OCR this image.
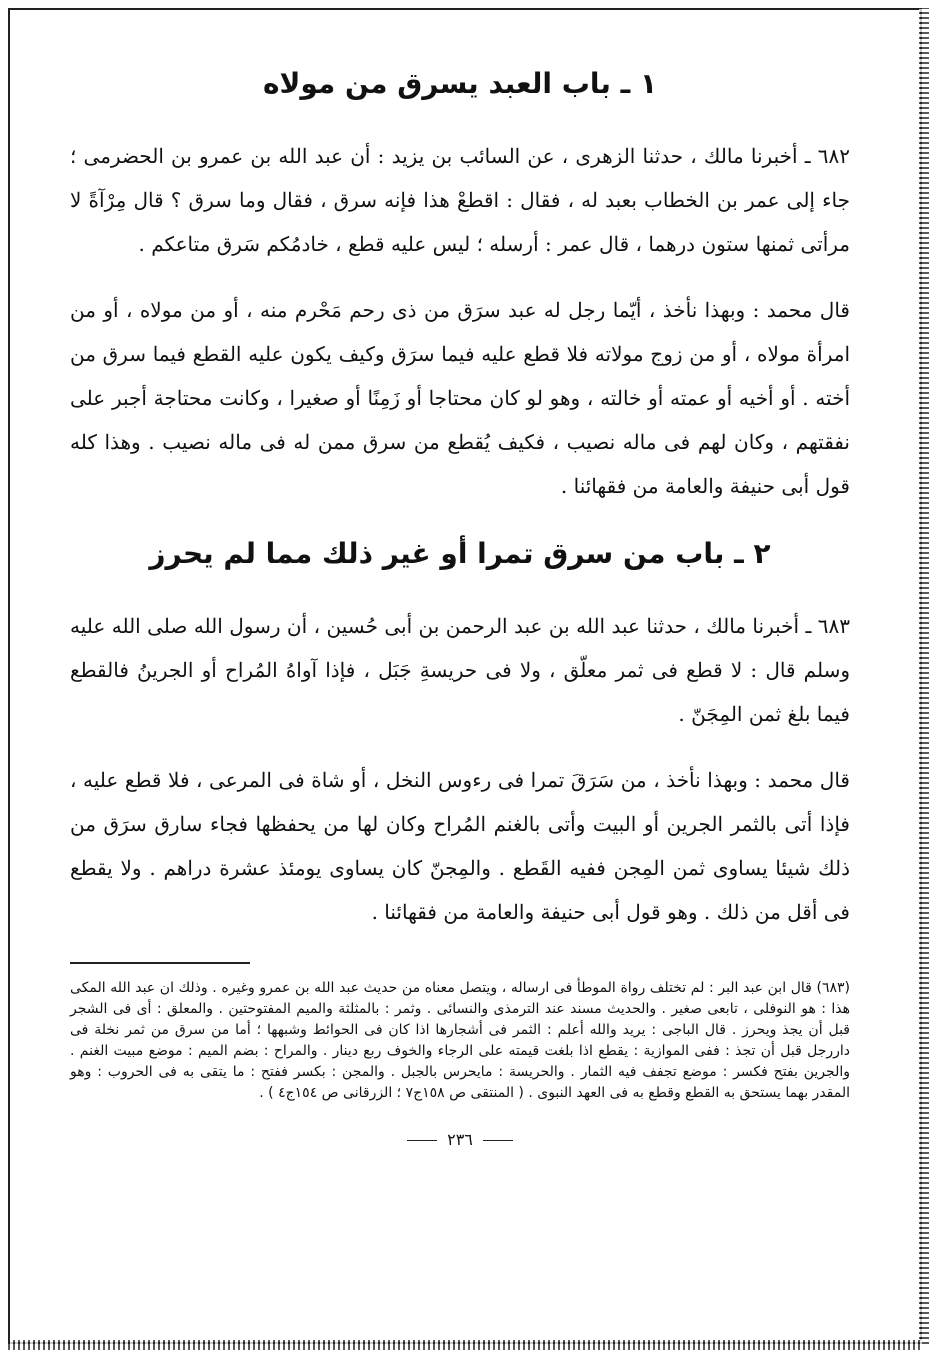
١ ـ باب العبد يسرق من مولاه

٦٨٢ ـ أخبرنا مالك ، حدثنا الزهرى ، عن السائب بن يزيد : أن عبد الله بن عمرو بن الحضرمى ؛ جاء إلى عمر بن الخطاب بعبد له ، فقال : اقطعْ هذا فإنه سرق ، فقال وما سرق ؟ قال مِرْآةً لا مرأتى ثمنها ستون درهما ، قال عمر : أرسله ؛ ليس عليه قطع ، خادمُكم سَرق متاعكم .

قال محمد : وبهذا نأخذ ، أيّما رجل له عبد سرَق من ذى رحم مَحْرم منه ، أو من مولاه ، أو من امرأة مولاه ، أو من زوج مولاته فلا قطع عليه فيما سرَق وكيف يكون عليه القطع فيما سرق من أخته . أو أخيه أو عمته أو خالته ، وهو لو كان محتاجا أو زَمِنًا أو صغيرا ، وكانت محتاجة أجبر على نفقتهم ، وكان لهم فى ماله نصيب ، فكيف يُقطع من سرق ممن له فى ماله نصيب . وهذا كله قول أبى حنيفة والعامة من فقهائنا .

٢ ـ باب من سرق تمرا أو غير ذلك مما لم يحرز

٦٨٣ ـ أخبرنا مالك ، حدثنا عبد الله بن عبد الرحمن بن أبى حُسين ، أن رسول الله صلى الله عليه وسلم قال : لا قطع فى ثمر معلّق ، ولا فى حريسةِ جَبَل ، فإذا آواهُ المُراح أو الجرينُ فالقطع فيما بلغ ثمن المِجَنّ .

قال محمد : وبهذا نأخذ ، من سَرَقَ تمرا فى رءوس النخل ، أو شاة فى المرعى ، فلا قطع عليه ، فإذا أتى بالثمر الجرين أو البيت وأتى بالغنم المُراح وكان لها من يحفظها فجاء سارق سرَق من ذلك شيئا يساوى ثمن المِجن ففيه القَطع . والمِجنّ كان يساوى يومئذ عشرة دراهم . ولا يقطع فى أقل من ذلك . وهو قول أبى حنيفة والعامة من فقهائنا .

(٦٨٣) قال ابن عبد البر : لم تختلف رواة الموطأ فى ارساله ، ويتصل معناه من حديث عبد الله بن عمرو وغيره . وذلك ان عبد الله المكى هذا : هو النوفلى ، تابعى صغير . والحديث مسند عند الترمذى والنسائى . وثمر : بالمثلثة والميم المفتوحتين . والمعلق : أى فى الشجر قبل أن يجذ ويحرز . قال الباجى : يريد والله أعلم : الثمر فى أشجارها اذا كان فى الحوائط وشبهها ؛ أما من سرق من ثمر نخلة فى داررجل قبل أن تجذ : ففى الموازية : يقطع اذا بلغت قيمته على الرجاء والخوف ربع دينار . والمراح : بضم الميم : موضع مبيت الغنم . والجرين بفتح فكسر : موضع تجفف فيه الثمار . والحريسة : مايحرس بالجبل . والمجن : بكسر ففتح : ما يتقى به فى الحروب : وهو المقدر بهما يستحق به القطع وقطع به فى العهد النبوى . ( المنتقى ص ١٥٨ج٧ ؛ الزرقانى ص ١٥٤ج٤ ) .

٢٣٦
